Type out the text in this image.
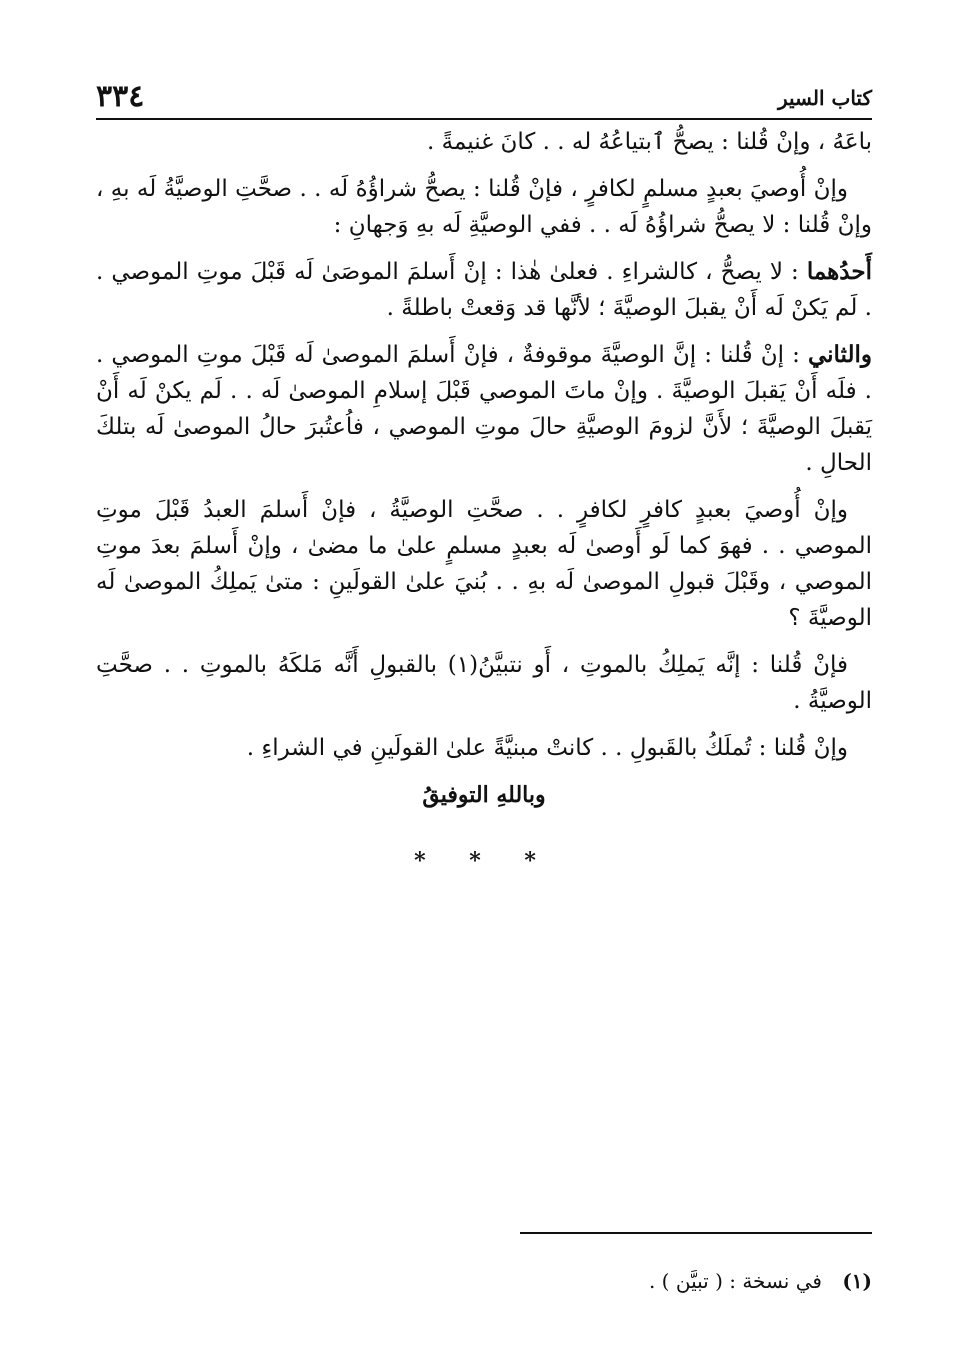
٣٣٤	كتاب السير

باعَهُ ، وإنْ قُلنا : يصحُّ ٱبتياعُهُ له . . كانَ غنيمةً .

وإنْ أُوصيَ بعبدٍ مسلمٍ لكافرٍ ، فإنْ قُلنا : يصحُّ شراؤُهُ لَه . . صحَّتِ الوصيَّةُ لَه بهِ ، وإنْ قُلنا : لا يصحُّ شراؤُهُ لَه . . ففي الوصيَّةِ لَه بهِ وَجهانِ :

أَحدُهما : لا يصحُّ ، كالشراءِ . فعلىٰ هٰذا : إنْ أَسلمَ الموصَىٰ لَه قَبْلَ موتِ الموصي . . لَم يَكنْ لَه أَنْ يقبلَ الوصيَّةَ ؛ لأنَّها قد وَقعتْ باطلةً .

والثاني : إنْ قُلنا : إنَّ الوصيَّةَ موقوفةٌ ، فإنْ أَسلمَ الموصىٰ لَه قَبْلَ موتِ الموصي . . فلَه أَنْ يَقبلَ الوصيَّةَ . وإنْ ماتَ الموصي قَبْلَ إسلامِ الموصىٰ لَه . . لَم يكنْ لَه أَنْ يَقبلَ الوصيَّةَ ؛ لأَنَّ لزومَ الوصيَّةِ حالَ موتِ الموصي ، فاُعتُبرَ حالُ الموصىٰ لَه بتلكَ الحالِ .

وإنْ أُوصيَ بعبدٍ كافرٍ لكافرٍ . . صحَّتِ الوصيَّةُ ، فإنْ أَسلمَ العبدُ قَبْلَ موتِ الموصي . . فهوَ كما لَو أَوصىٰ لَه بعبدٍ مسلمٍ علىٰ ما مضىٰ ، وإنْ أَسلمَ بعدَ موتِ الموصي ، وقَبْلَ قبولِ الموصىٰ لَه بهِ . . بُنيَ علىٰ القولَينِ : متىٰ يَملِكُ الموصىٰ لَه الوصيَّةَ ؟

فإنْ قُلنا : إنَّه يَملِكُ بالموتِ ، أَو نتبيَّنُ(١) بالقبولِ أَنَّه مَلكَهُ بالموتِ . . صحَّتِ الوصيَّةُ .

وإنْ قُلنا : تُملَكُ بالقَبولِ . . كانتْ مبنيَّةً علىٰ القولَينِ في الشراءِ .

وباللهِ التوفيقُ
* * *
(١) في نسخة : ( تبيَّن ) .
